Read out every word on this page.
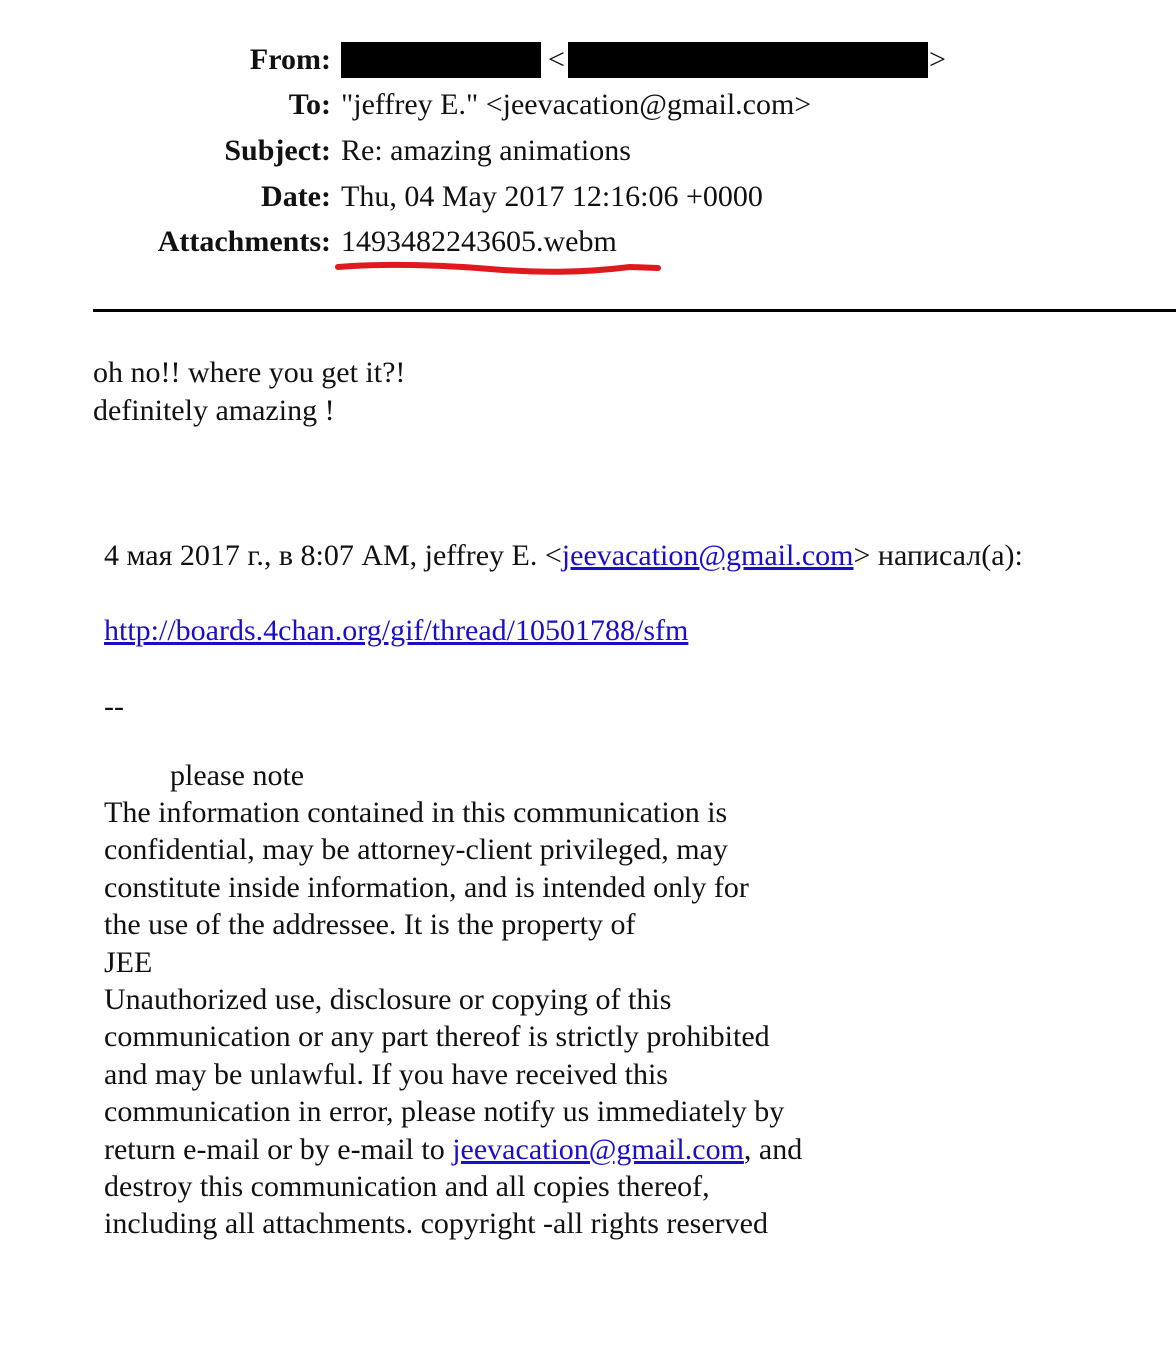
From:	<	>
To: "jeffrey E." <jeevacation@gmail.com>
Subject: Re: amazing animations
Date: Thu, 04 May 2017 12:16:06 +0000
Attachments: 1493482243605.webm
oh no!! where you get it?!
definitely amazing !
4 мая 2017 г., в 8:07 AM, jeffrey E. <jeevacation@gmail.com> написал(а):
http://boards.4chan.org/gif/thread/10501788/sfm
--
please note
The information contained in this communication is
confidential, may be attorney-client privileged, may
constitute inside information, and is intended only for
the use of the addressee. It is the property of
JEE
Unauthorized use, disclosure or copying of this
communication or any part thereof is strictly prohibited
and may be unlawful. If you have received this
communication in error, please notify us immediately by
return e-mail or by e-mail to jeevacation@gmail.com, and
destroy this communication and all copies thereof,
including all attachments. copyright -all rights reserved
